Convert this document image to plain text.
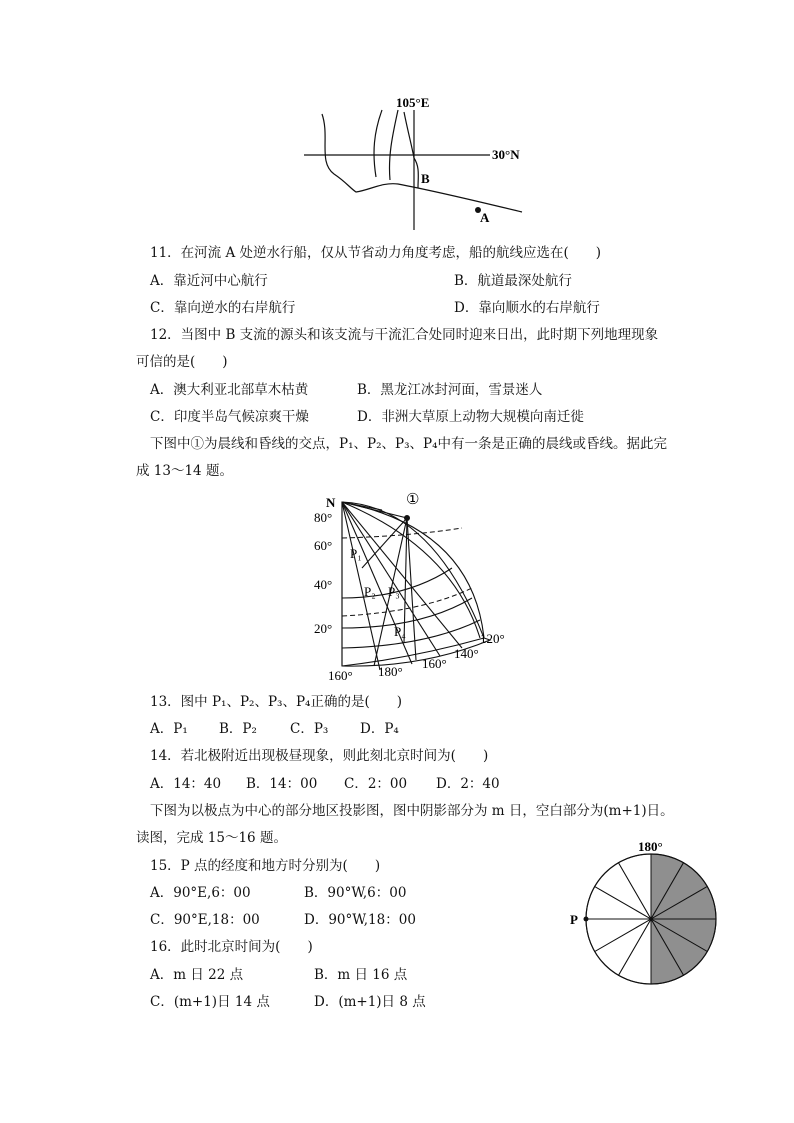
105°E
30°N
B
A
11．在河流 A 处逆水行船，仅从节省动力角度考虑，船的航线应选在(　　)
A．靠近河中心航行	B．航道最深处航行
C．靠向逆水的右岸航行	D．靠向顺水的右岸航行
12．当图中 B 支流的源头和该支流与干流汇合处同时迎来日出，此时期下列地理现象
可信的是(　　)
A．澳大利亚北部草木枯黄	B．黑龙江冰封河面，雪景迷人
C．印度半岛气候凉爽干燥	D．非洲大草原上动物大规模向南迁徙
下图中①为晨线和昏线的交点，P₁、P₂、P₃、P₄中有一条是正确的晨线或昏线。据此完
成 13～14 题。
N	①
80°
60°
40°
20°
P₁
P₂ P₃
P₄
160° 180°
160°
140°
120°
13．图中 P₁、P₂、P₃、P₄正确的是(　　)
A．P₁ B．P₂ C．P₃ D．P₄
14．若北极附近出现极昼现象，则此刻北京时间为(　　)
A．14：40 B．14：00 C．2：00 D．2：40
下图为以极点为中心的部分地区投影图，图中阴影部分为 m 日，空白部分为(m+1)日。
读图，完成 15～16 题。
15．P 点的经度和地方时分别为(　　)
A．90°E,6：00	B．90°W,6：00
C．90°E,18：00	D．90°W,18：00
16．此时北京时间为(　　)
A．m 日 22 点	B．m 日 16 点
C．(m+1)日 14 点	D．(m+1)日 8 点
180°
P
